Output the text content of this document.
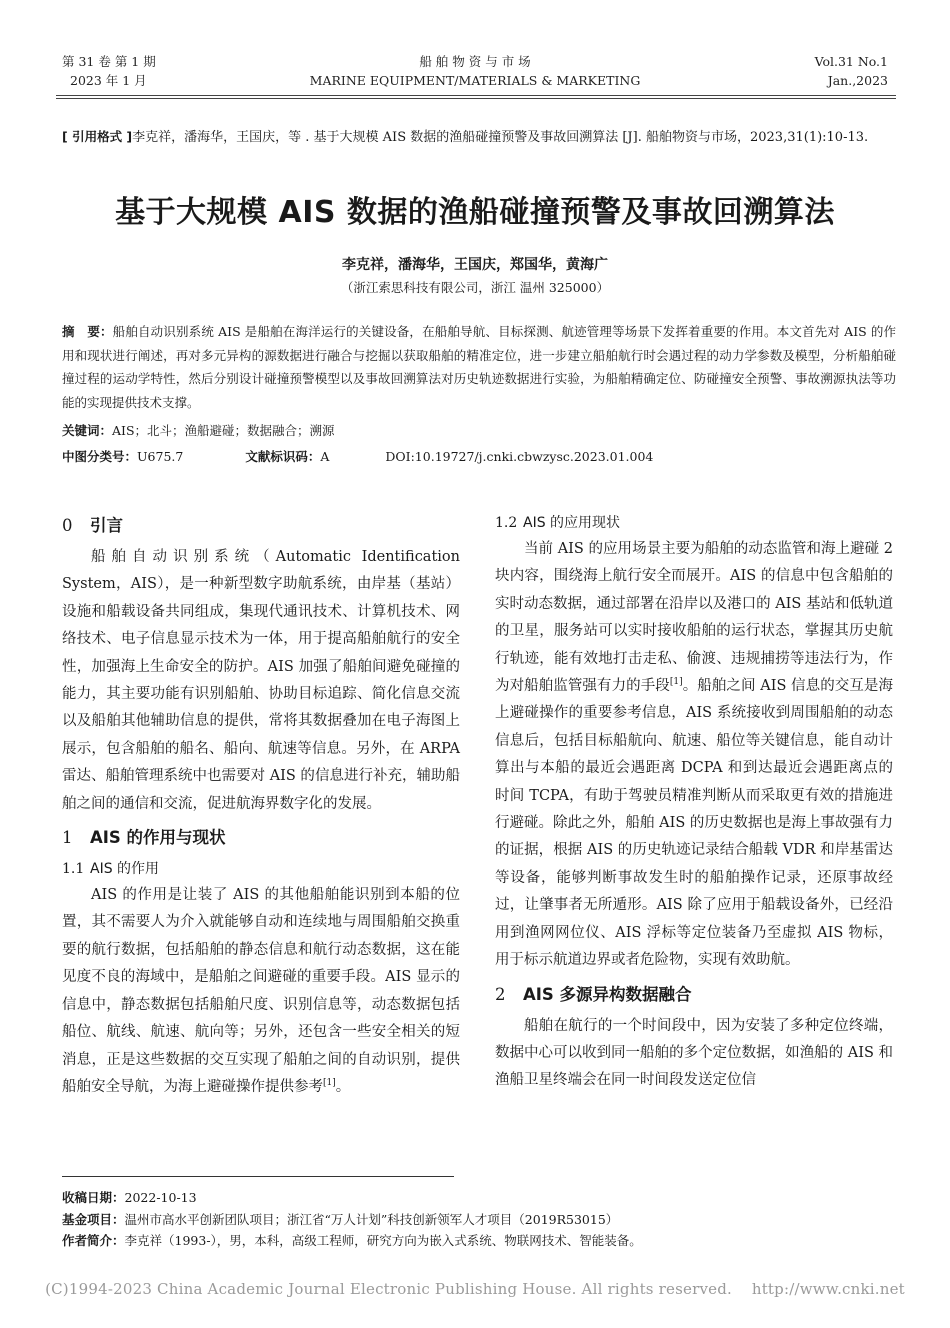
第 31 卷 第 1 期
2023 年 1 月
船 舶 物 资 与 市 场
MARINE EQUIPMENT/MATERIALS & MARKETING
Vol.31 No.1
Jan.,2023
[ 引用格式 ]李克祥，潘海华，王国庆，等 . 基于大规模 AIS 数据的渔船碰撞预警及事故回溯算法 [J]. 船舶物资与市场，2023,31(1):10-13.
基于大规模 AIS 数据的渔船碰撞预警及事故回溯算法
李克祥，潘海华，王国庆，郑国华，黄海广
（浙江索思科技有限公司，浙江 温州 325000）
摘　要：船舶自动识别系统 AIS 是船舶在海洋运行的关键设备，在船舶导航、目标探测、航迹管理等场景下发挥着重要的作用。本文首先对 AIS 的作用和现状进行阐述，再对多元异构的源数据进行融合与挖掘以获取船舶的精准定位，进一步建立船舶航行时会遇过程的动力学参数及模型，分析船舶碰撞过程的运动学特性，然后分别设计碰撞预警模型以及事故回溯算法对历史轨迹数据进行实验，为船舶精确定位、防碰撞安全预警、事故溯源执法等功能的实现提供技术支撑。
关键词：AIS；北斗；渔船避碰；数据融合；溯源
中图分类号：U675.7	文献标识码：A	DOI:10.19727/j.cnki.cbwzysc.2023.01.004
0 引言

船舶自动识别系统（Automatic Identification System，AIS），是一种新型数字助航系统，由岸基（基站）设施和船载设备共同组成，集现代通讯技术、计算机技术、网络技术、电子信息显示技术为一体，用于提高船舶航行的安全性，加强海上生命安全的防护。AIS 加强了船舶间避免碰撞的能力，其主要功能有识别船舶、协助目标追踪、简化信息交流以及船舶其他辅助信息的提供，常将其数据叠加在电子海图上展示，包含船舶的船名、船向、航速等信息。另外，在 ARPA 雷达、船舶管理系统中也需要对 AIS 的信息进行补充，辅助船舶之间的通信和交流，促进航海界数字化的发展。

1 AIS 的作用与现状
1.1 AIS 的作用

AIS 的作用是让装了 AIS 的其他船舶能识别到本船的位置，其不需要人为介入就能够自动和连续地与周围船舶交换重要的航行数据，包括船舶的静态信息和航行动态数据，这在能见度不良的海域中，是船舶之间避碰的重要手段。AIS 显示的信息中，静态数据包括船舶尺度、识别信息等，动态数据包括船位、航线、航速、航向等；另外，还包含一些安全相关的短消息，正是这些数据的交互实现了船舶之间的自动识别，提供船舶安全导航，为海上避碰操作提供参考[1]。

1.2 AIS 的应用现状

当前 AIS 的应用场景主要为船舶的动态监管和海上避碰 2 块内容，围绕海上航行安全而展开。AIS 的信息中包含船舶的实时动态数据，通过部署在沿岸以及港口的 AIS 基站和低轨道的卫星，服务站可以实时接收船舶的运行状态，掌握其历史航行轨迹，能有效地打击走私、偷渡、违规捕捞等违法行为，作为对船舶监管强有力的手段[1]。船舶之间 AIS 信息的交互是海上避碰操作的重要参考信息，AIS 系统接收到周围船舶的动态信息后，包括目标船航向、航速、船位等关键信息，能自动计算出与本船的最近会遇距离 DCPA 和到达最近会遇距离点的时间 TCPA，有助于驾驶员精准判断从而采取更有效的措施进行避碰。除此之外，船舶 AIS 的历史数据也是海上事故强有力的证据，根据 AIS 的历史轨迹记录结合船载 VDR 和岸基雷达等设备，能够判断事故发生时的船舶操作记录，还原事故经过，让肇事者无所遁形。AIS 除了应用于船载设备外，已经沿用到渔网网位仪、AIS 浮标等定位装备乃至虚拟 AIS 物标，用于标示航道边界或者危险物，实现有效助航。

2 AIS 多源异构数据融合

船舶在航行的一个时间段中，因为安装了多种定位终端，数据中心可以收到同一船舶的多个定位数据，如渔船的 AIS 和渔船卫星终端会在同一时间段发送定位信

收稿日期：2022-10-13
基金项目：温州市高水平创新团队项目；浙江省“万人计划”科技创新领军人才项目（2019R53015）
作者简介：李克祥（1993-），男，本科，高级工程师，研究方向为嵌入式系统、物联网技术、智能装备。
(C)1994-2023 China Academic Journal Electronic Publishing House. All rights reserved.    http://www.cnki.net
